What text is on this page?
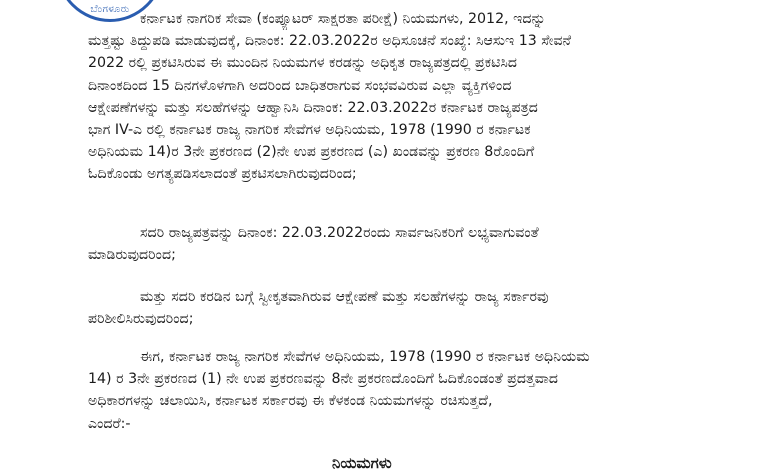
ಬೆಂಗಳೂರು
ಕರ್ನಾಟಕ ನಾಗರಿಕ ಸೇವಾ (ಕಂಪ್ಯೂಟರ್ ಸಾಕ್ಷರತಾ ಪರೀಕ್ಷೆ) ನಿಯಮಗಳು, 2012, ಇದನ್ನು
ಮತ್ತಷ್ಟು ತಿದ್ದುಪಡಿ ಮಾಡುವುದಕ್ಕೆ, ದಿನಾಂಕ: 22.03.2022ರ ಅಧಿಸೂಚನೆ ಸಂಖ್ಯೆ: ಸಿಆಸುಇ 13 ಸೇವನೆ
2022 ರಲ್ಲಿ ಪ್ರಕಟಿಸಿರುವ ಈ ಮುಂದಿನ ನಿಯಮಗಳ ಕರಡನ್ನು ಅಧಿಕೃತ ರಾಜ್ಯಪತ್ರದಲ್ಲಿ ಪ್ರಕಟಿಸಿದ
ದಿನಾಂಕದಿಂದ 15 ದಿನಗಳೊಳಗಾಗಿ ಅದರಿಂದ ಬಾಧಿತರಾಗುವ ಸಂಭವವಿರುವ ಎಲ್ಲಾ ವ್ಯಕ್ತಿಗಳಿಂದ
ಆಕ್ಷೇಪಣೆಗಳನ್ನು ಮತ್ತು ಸಲಹೆಗಳನ್ನು ಆಹ್ವಾನಿಸಿ ದಿನಾಂಕ: 22.03.2022ರ ಕರ್ನಾಟಕ ರಾಜ್ಯಪತ್ರದ
ಭಾಗ IV-ಎ ರಲ್ಲಿ ಕರ್ನಾಟಕ ರಾಜ್ಯ ನಾಗರಿಕ ಸೇವೆಗಳ ಅಧಿನಿಯಮ, 1978 (1990 ರ ಕರ್ನಾಟಕ
ಅಧಿನಿಯಮ 14)ರ 3ನೇ ಪ್ರಕರಣದ (2)ನೇ ಉಪ ಪ್ರಕರಣದ (ಎ) ಖಂಡವನ್ನು ಪ್ರಕರಣ 8ರೊಂದಿಗೆ
ಓದಿಕೊಂಡು ಅಗತ್ಯಪಡಿಸಲಾದಂತೆ ಪ್ರಕಟಿಸಲಾಗಿರುವುದರಿಂದ;
ಸದರಿ ರಾಜ್ಯಪತ್ರವನ್ನು ದಿನಾಂಕ: 22.03.2022ರಂದು ಸಾರ್ವಜನಿಕರಿಗೆ ಲಭ್ಯವಾಗುವಂತೆ
ಮಾಡಿರುವುದರಿಂದ;
ಮತ್ತು ಸದರಿ ಕರಡಿನ ಬಗ್ಗೆ ಸ್ವೀಕೃತವಾಗಿರುವ ಆಕ್ಷೇಪಣೆ ಮತ್ತು ಸಲಹೆಗಳನ್ನು ರಾಜ್ಯ ಸರ್ಕಾರವು
ಪರಿಶೀಲಿಸಿರುವುದರಿಂದ;
ಈಗ, ಕರ್ನಾಟಕ ರಾಜ್ಯ ನಾಗರಿಕ ಸೇವೆಗಳ ಅಧಿನಿಯಮ, 1978 (1990 ರ ಕರ್ನಾಟಕ ಅಧಿನಿಯಮ
14) ರ 3ನೇ ಪ್ರಕರಣದ (1) ನೇ ಉಪ ಪ್ರಕರಣವನ್ನು 8ನೇ ಪ್ರಕರಣದೊಂದಿಗೆ ಓದಿಕೊಂಡಂತೆ ಪ್ರದತ್ತವಾದ
ಅಧಿಕಾರಗಳನ್ನು ಚಲಾಯಿಸಿ, ಕರ್ನಾಟಕ ಸರ್ಕಾರವು ಈ ಕೆಳಕಂಡ ನಿಯಮಗಳನ್ನು ರಚಿಸುತ್ತದೆ,
ಎಂದರೆ:-
ನಿಯಮಗಳು
